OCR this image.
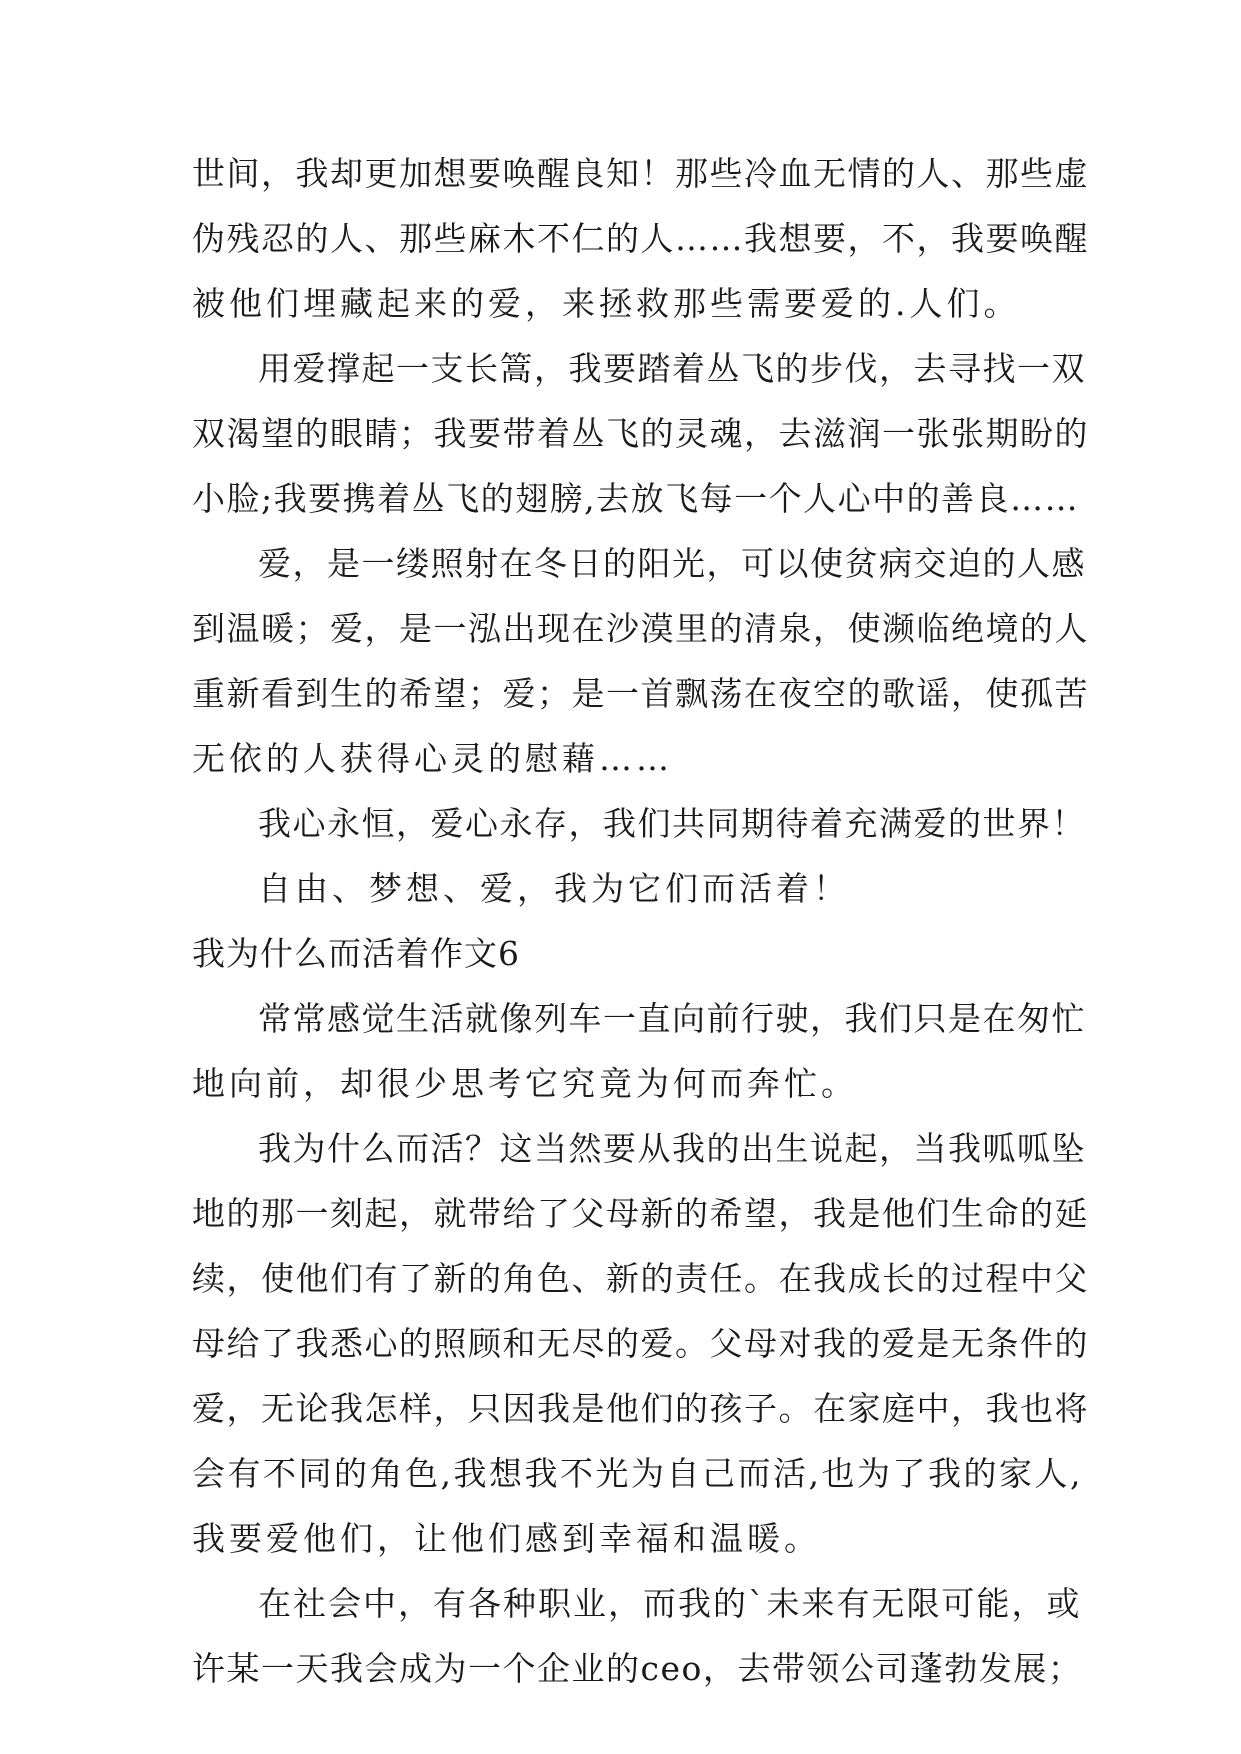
世间，我却更加想要唤醒良知！那些冷血无情的人、那些虚
伪残忍的人、那些麻木不仁的人……我想要，不，我要唤醒
被他们埋藏起来的爱，来拯救那些需要爱的.人们。
用爱撑起一支长篙，我要踏着丛飞的步伐，去寻找一双
双渴望的眼睛；我要带着丛飞的灵魂，去滋润一张张期盼的
小脸;我要携着丛飞的翅膀,去放飞每一个人心中的善良……
爱，是一缕照射在冬日的阳光，可以使贫病交迫的人感
到温暖；爱，是一泓出现在沙漠里的清泉，使濒临绝境的人
重新看到生的希望；爱；是一首飘荡在夜空的歌谣，使孤苦
无依的人获得心灵的慰藉……
我心永恒，爱心永存，我们共同期待着充满爱的世界！
自由、梦想、爱，我为它们而活着！
我为什么而活着作文6
常常感觉生活就像列车一直向前行驶，我们只是在匆忙
地向前，却很少思考它究竟为何而奔忙。
我为什么而活？这当然要从我的出生说起，当我呱呱坠
地的那一刻起，就带给了父母新的希望，我是他们生命的延
续，使他们有了新的角色、新的责任。在我成长的过程中父
母给了我悉心的照顾和无尽的爱。父母对我的爱是无条件的
爱，无论我怎样，只因我是他们的孩子。在家庭中，我也将
会有不同的角色,我想我不光为自己而活,也为了我的家人,
我要爱他们，让他们感到幸福和温暖。
在社会中，有各种职业，而我的`未来有无限可能，或
许某一天我会成为一个企业的ceo，去带领公司蓬勃发展；
